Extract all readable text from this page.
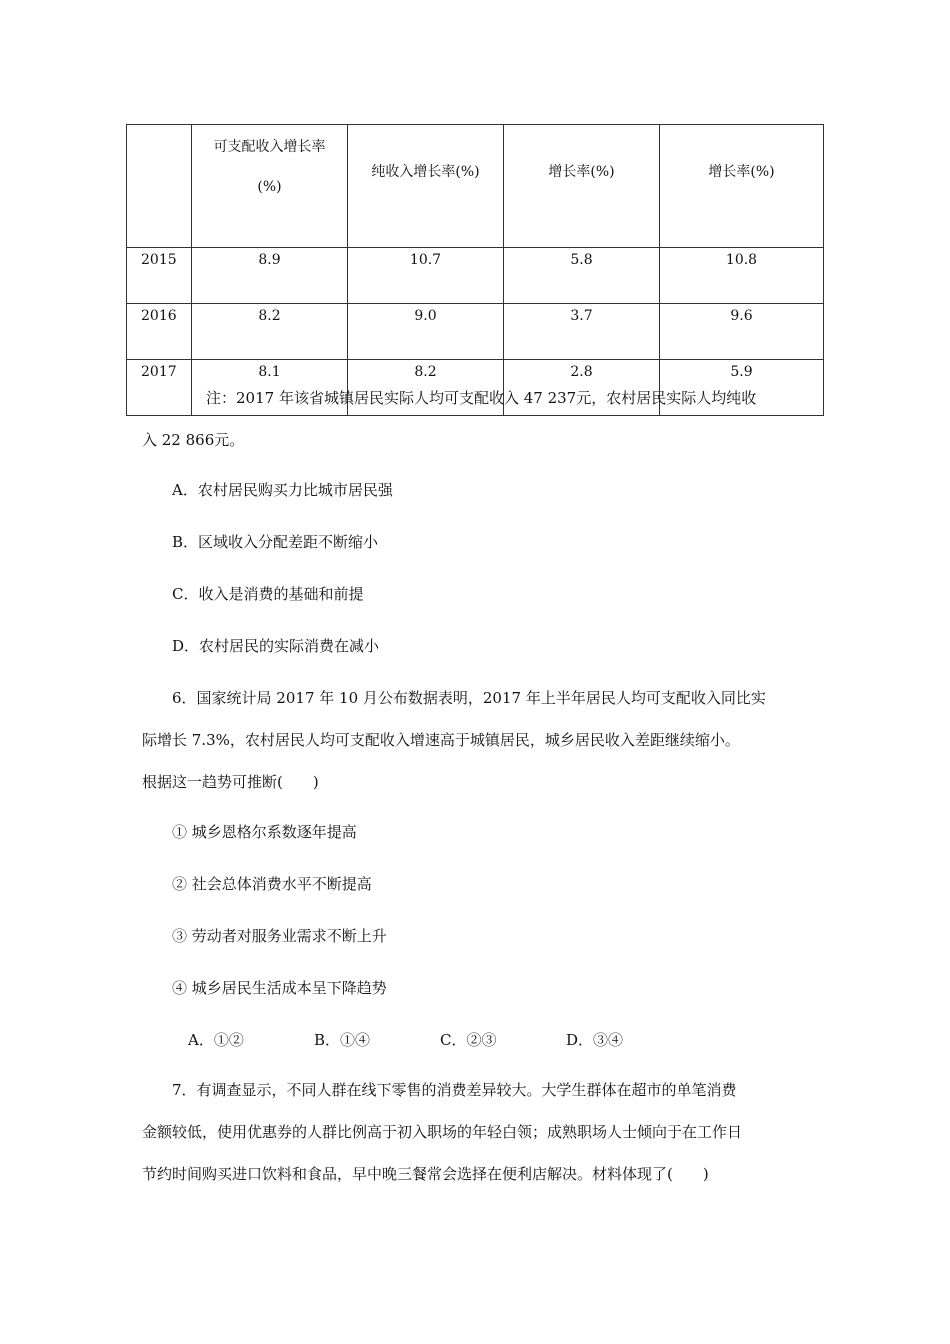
	可支配收入增长率(%)	纯收入增长率(%)	增长率(%)	增长率(%)
2015	8.9	10.7	5.8	10.8
2016	8.2	9.0	3.7	9.6
2017	8.1	8.2	2.8	5.9
注：2017 年该省城镇居民实际人均可支配收入 47 237元，农村居民实际人均纯收
入 22 866元。
A．农村居民购买力比城市居民强
B．区域收入分配差距不断缩小
C．收入是消费的基础和前提
D．农村居民的实际消费在减小
6．国家统计局 2017 年 10 月公布数据表明，2017 年上半年居民人均可支配收入同比实
际增长 7.3%，农村居民人均可支配收入增速高于城镇居民，城乡居民收入差距继续缩小。
根据这一趋势可推断(　　)
① 城乡恩格尔系数逐年提高
② 社会总体消费水平不断提高
③ 劳动者对服务业需求不断上升
④ 城乡居民生活成本呈下降趋势
A．①②	B．①④	C．②③	D．③④
7．有调查显示，不同人群在线下零售的消费差异较大。大学生群体在超市的单笔消费
金额较低，使用优惠券的人群比例高于初入职场的年轻白领；成熟职场人士倾向于在工作日
节约时间购买进口饮料和食品，早中晚三餐常会选择在便利店解决。材料体现了(　　)
